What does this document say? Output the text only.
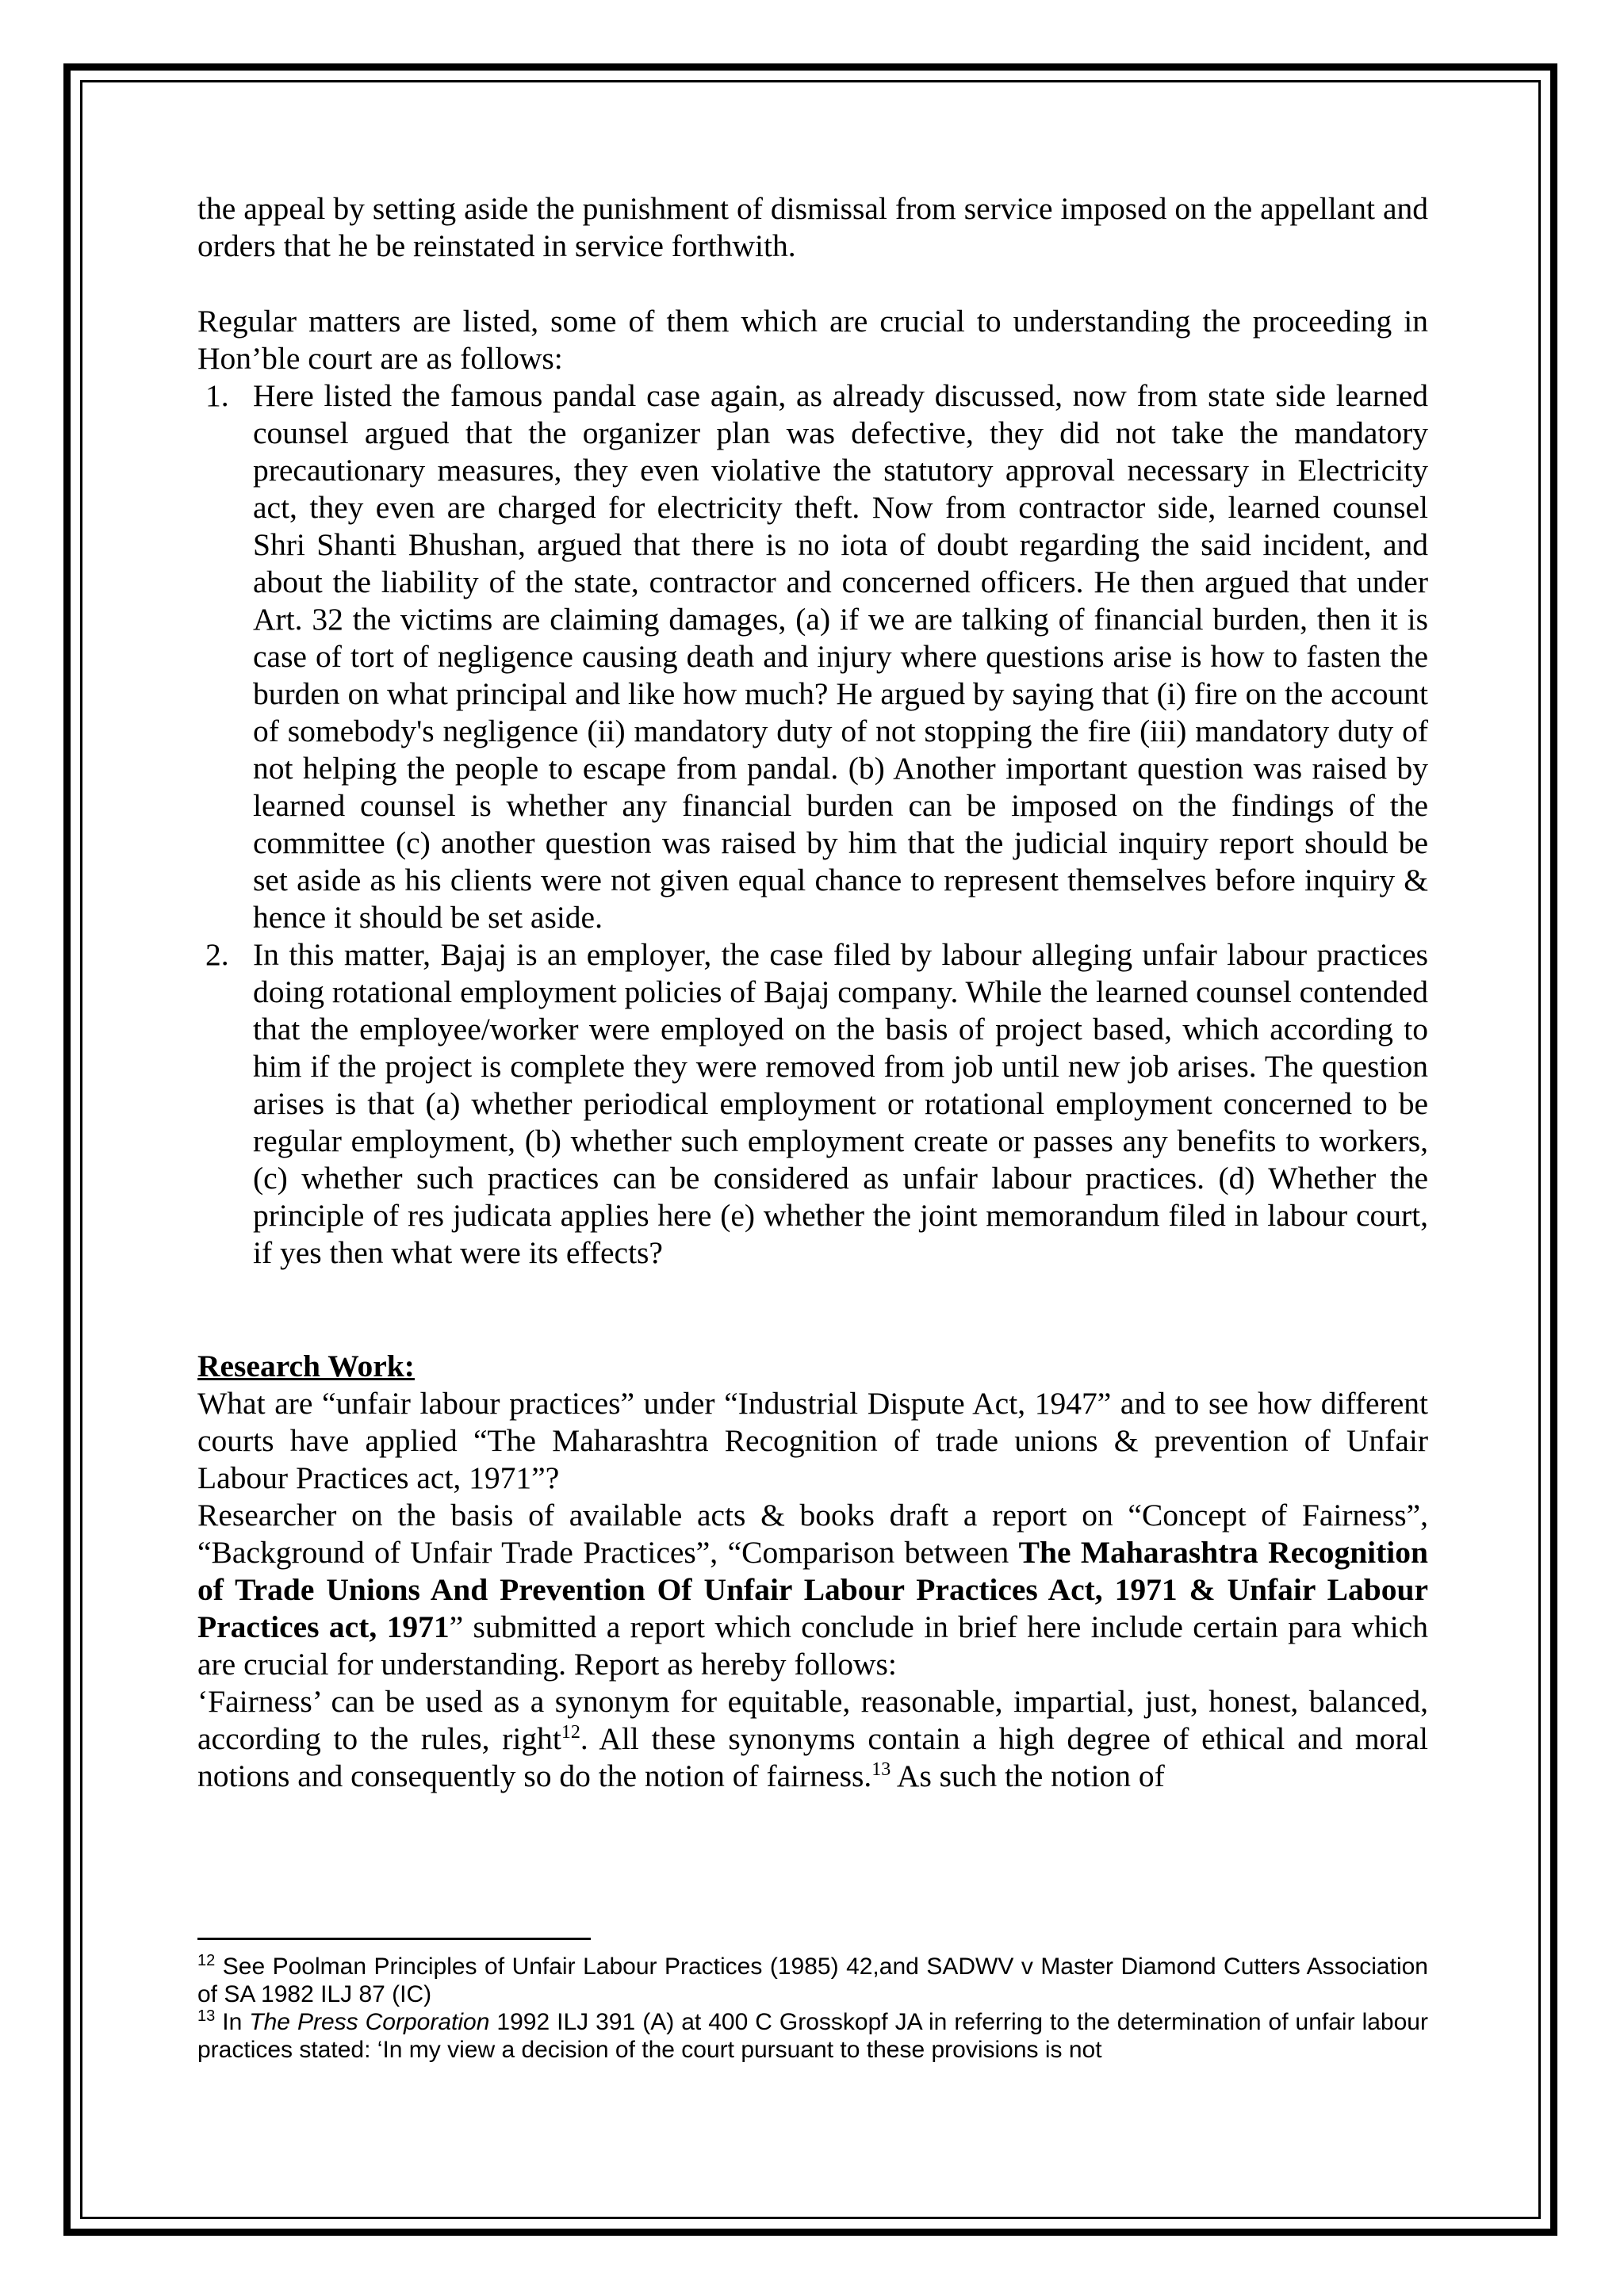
the appeal by setting aside the punishment of dismissal from service imposed on the appellant and orders that he be reinstated in service forthwith.

Regular matters are listed, some of them which are crucial to understanding the proceeding in Hon’ble court are as follows:

1. Here listed the famous pandal case again, as already discussed, now from state side learned counsel argued that the organizer plan was defective, they did not take the mandatory precautionary measures, they even violative the statutory approval necessary in Electricity act, they even are charged for electricity theft. Now from contractor side, learned counsel Shri Shanti Bhushan, argued that there is no iota of doubt regarding the said incident, and about the liability of the state, contractor and concerned officers. He then argued that under Art. 32 the victims are claiming damages, (a) if we are talking of financial burden, then it is case of tort of negligence causing death and injury where questions arise is how to fasten the burden on what principal and like how much? He argued by saying that (i) fire on the account of somebody's negligence (ii) mandatory duty of not stopping the fire (iii) mandatory duty of not helping the people to escape from pandal. (b) Another important question was raised by learned counsel is whether any financial burden can be imposed on the findings of the committee (c) another question was raised by him that the judicial inquiry report should be set aside as his clients were not given equal chance to represent themselves before inquiry & hence it should be set aside.
2. In this matter, Bajaj is an employer, the case filed by labour alleging unfair labour practices doing rotational employment policies of Bajaj company. While the learned counsel contended that the employee/worker were employed on the basis of project based, which according to him if the project is complete they were removed from job until new job arises. The question arises is that (a) whether periodical employment or rotational employment concerned to be regular employment, (b) whether such employment create or passes any benefits to workers, (c) whether such practices can be considered as unfair labour practices. (d) Whether the principle of res judicata applies here (e) whether the joint memorandum filed in labour court, if yes then what were its effects?

Research Work:

What are “unfair labour practices” under “Industrial Dispute Act, 1947” and to see how different courts have applied “The Maharashtra Recognition of trade unions & prevention of Unfair Labour Practices act, 1971”?

Researcher on the basis of available acts & books draft a report on “Concept of Fairness”, “Background of Unfair Trade Practices”, “Comparison between The Maharashtra Recognition of Trade Unions And Prevention Of Unfair Labour Practices Act, 1971 & Unfair Labour Practices act, 1971” submitted a report which conclude in brief here include certain para which are crucial for understanding. Report as hereby follows:

‘Fairness’ can be used as a synonym for equitable, reasonable, impartial, just, honest, balanced, according to the rules, right$^{12}$. All these synonyms contain a high degree of ethical and moral notions and consequently so do the notion of fairness.$^{13}$ As such the notion of

$^{12}$ See Poolman Principles of Unfair Labour Practices (1985) 42,and SADWV v Master Diamond Cutters Association of SA 1982 ILJ 87 (IC)

$^{13}$ In The Press Corporation 1992 ILJ 391 (A) at 400 C Grosskopf JA in referring to the determination of unfair labour practices stated: ‘In my view a decision of the court pursuant to these provisions is not
